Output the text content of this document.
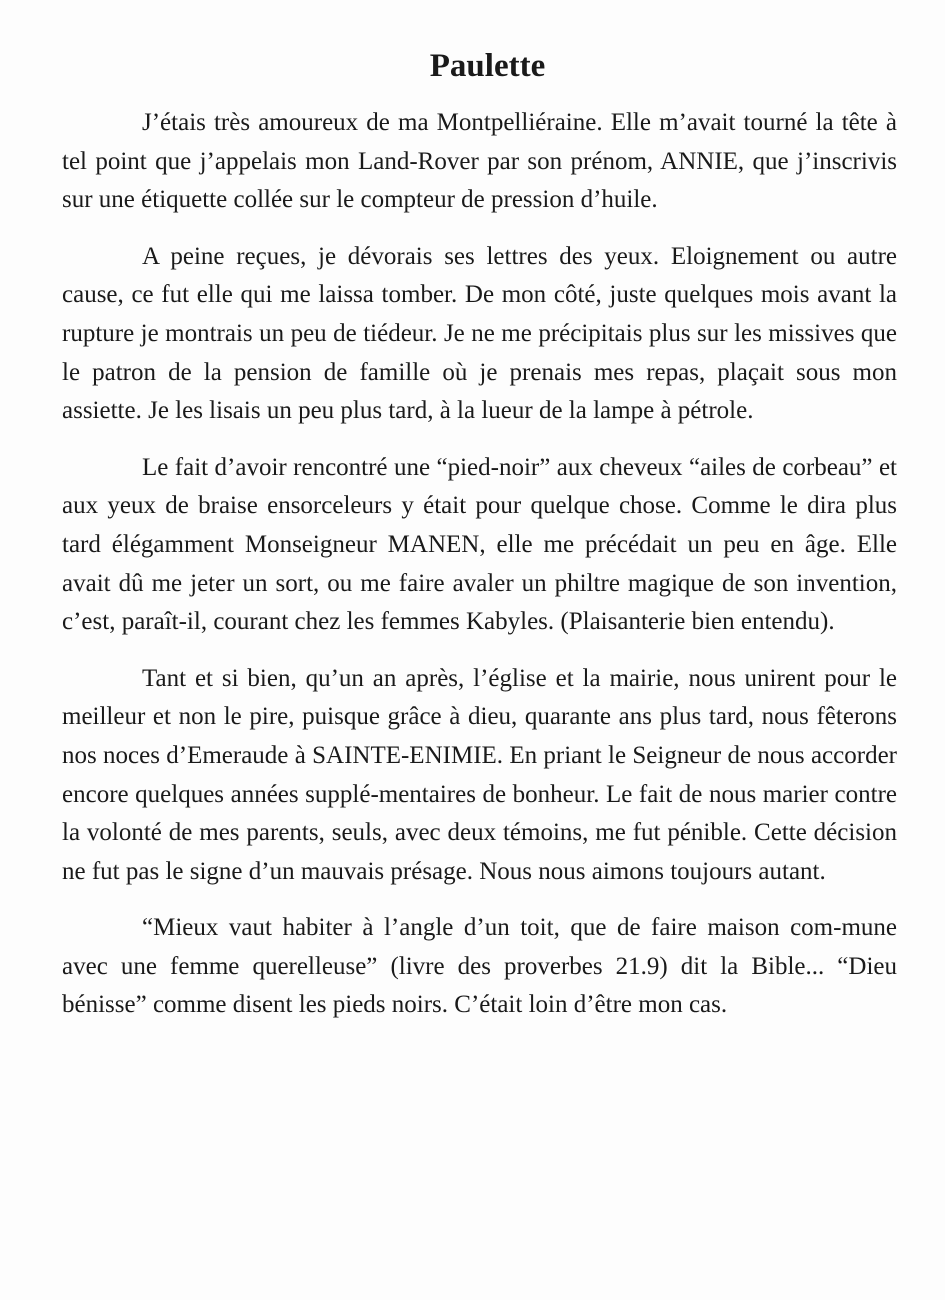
Paulette

J’étais très amoureux de ma Montpelliéraine. Elle m’avait tourné la tête à tel point que j’appelais mon Land-Rover par son prénom, ANNIE, que j’inscrivis sur une étiquette collée sur le compteur de pression d’huile.

A peine reçues, je dévorais ses lettres des yeux. Eloignement ou autre cause, ce fut elle qui me laissa tomber. De mon côté, juste quelques mois avant la rupture je montrais un peu de tiédeur. Je ne me précipitais plus sur les missives que le patron de la pension de famille où je prenais mes repas, plaçait sous mon assiette. Je les lisais un peu plus tard, à la lueur de la lampe à pétrole.

Le fait d’avoir rencontré une “pied-noir” aux cheveux “ailes de corbeau” et aux yeux de braise ensorceleurs y était pour quelque chose. Comme le dira plus tard élégamment Monseigneur MANEN, elle me précédait un peu en âge. Elle avait dû me jeter un sort, ou me faire avaler un philtre magique de son invention, c’est, paraît-il, courant chez les femmes Kabyles. (Plaisanterie bien entendu).

Tant et si bien, qu’un an après, l’église et la mairie, nous unirent pour le meilleur et non le pire, puisque grâce à dieu, quarante ans plus tard, nous fêterons nos noces d’Emeraude à SAINTE-ENIMIE. En priant le Seigneur de nous accorder encore quelques années supplé-mentaires de bonheur. Le fait de nous marier contre la volonté de mes parents, seuls, avec deux témoins, me fut pénible. Cette décision ne fut pas le signe d’un mauvais présage. Nous nous aimons toujours autant.

“Mieux vaut habiter à l’angle d’un toit, que de faire maison com-mune avec une femme querelleuse” (livre des proverbes 21.9) dit la Bible... “Dieu bénisse” comme disent les pieds noirs. C’était loin d’être mon cas.
